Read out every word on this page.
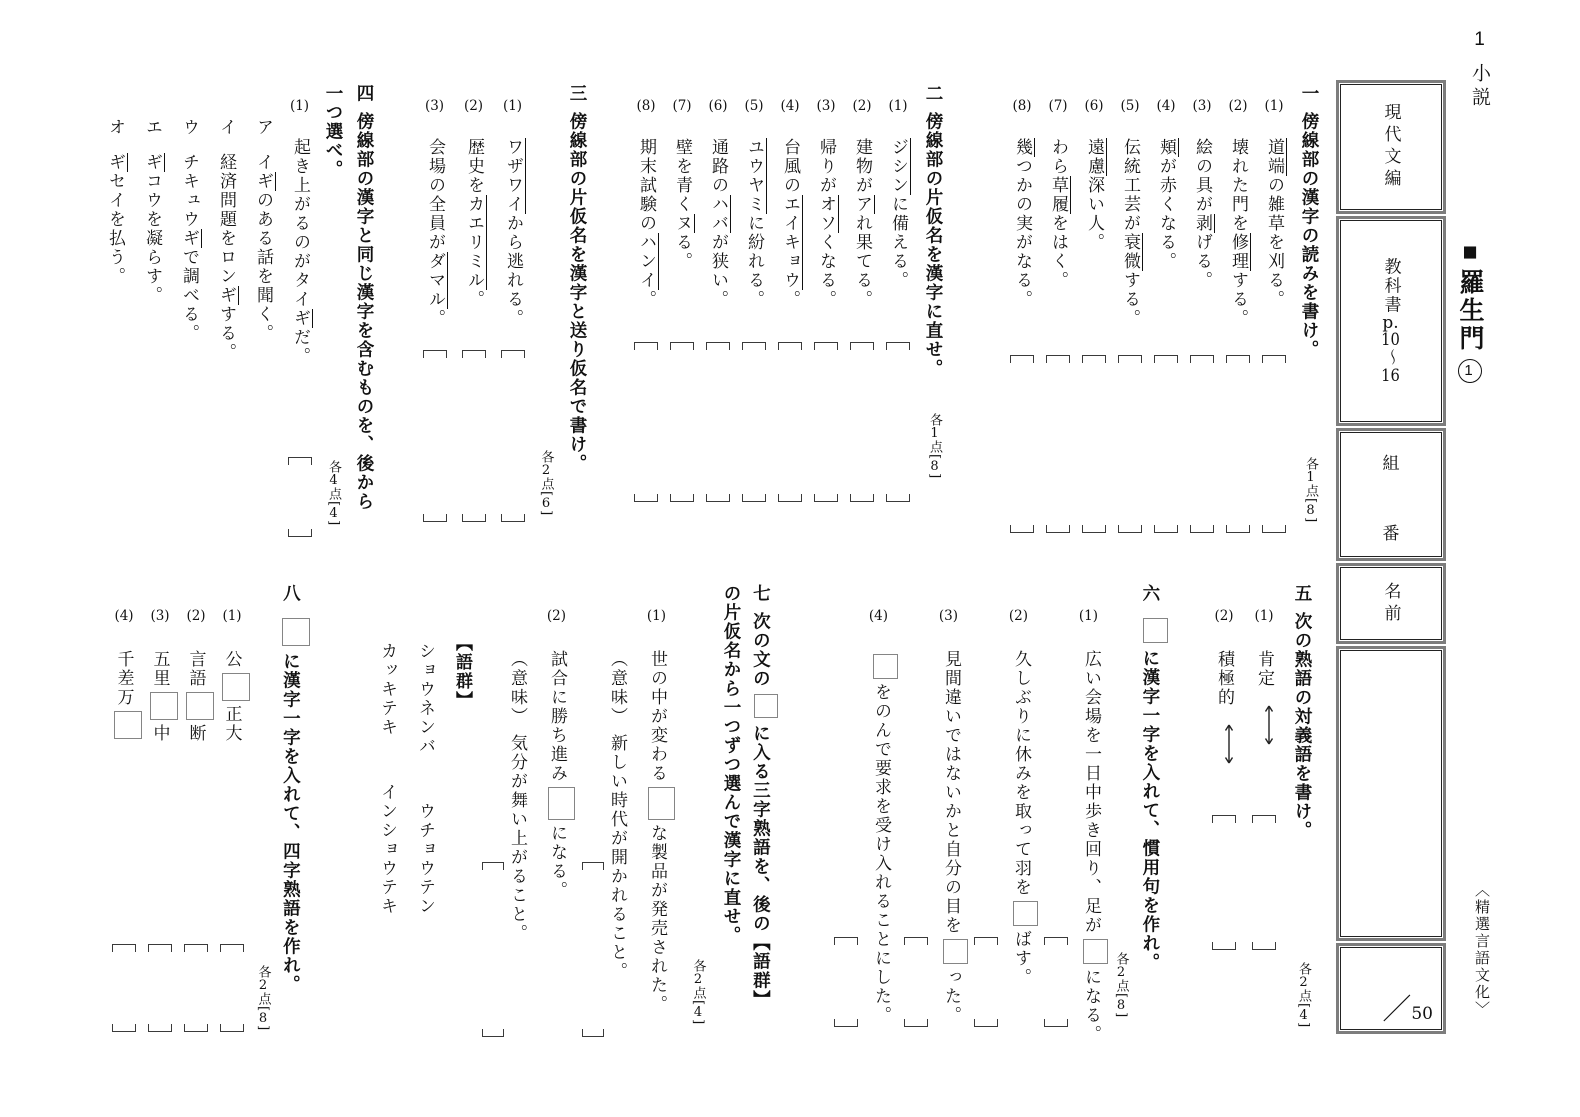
1小説
■羅生門1
〈精選言語文化〉
現代文編
教科書p.10～16
組
番
名前
／50
一傍線部の漢字の読みを書け。
各1点[8]
(1)
道端の雑草を刈る。
(2)
壊れた門を修理する。
(3)
絵の具が剥げる。
(4)
頬が赤くなる。
(5)
伝統工芸が衰微する。
(6)
遠慮深い人。
(7)
わら草履をはく。
(8)
幾つかの実がなる。
二傍線部の片仮名を漢字に直せ。
各1点[8]
(1)
ジシンに備える。
(2)
建物がアれ果てる。
(3)
帰りがオソくなる。
(4)
台風のエイキョウ。
(5)
ユウヤミに紛れる。
(6)
通路のハバが狭い。
(7)
壁を青くヌる。
(8)
期末試験のハンイ。
三傍線部の片仮名を漢字と送り仮名で書け。
各2点[6]
(1)
ワザワイから逃れる。
(2)
歴史をカエリミル。
(3)
会場の全員がダマル。
四傍線部の漢字と同じ漢字を含むものを、後から
一つ選べ。
各4点[4]
(1)
起き上がるのがタイギだ。
アイギのある話を聞く。
イ経済問題をロンギする。
ウチキュウギで調べる。
エギコウを凝らす。
オギセイを払う。
五次の熟語の対義語を書け。
各2点[4]
(1)
肯定
(2)
積極的
六に漢字一字を入れて、慣用句を作れ。
各2点[8]
(1)
広い会場を一日中歩き回り、足がになる。
(2)
久しぶりに休みを取って羽をばす。
(3)
見間違いではないかと自分の目をった。
(4)
をのんで要求を受け入れることにした。
七次の文のに入る三字熟語を、後の【語群】
の片仮名から一つずつ選んで漢字に直せ。
各2点[4]
(1)
世の中が変わるな製品が発売された。
（意味）新しい時代が開かれること。
(2)
試合に勝ち進みになる。
（意味）気分が舞い上がること。
【語群】
ショウネンバウチョウテン
カッキテキインショウテキ
八に漢字一字を入れて、四字熟語を作れ。
各2点[8]
(1)
公正大
(2)
言語断
(3)
五里中
(4)
千差万
